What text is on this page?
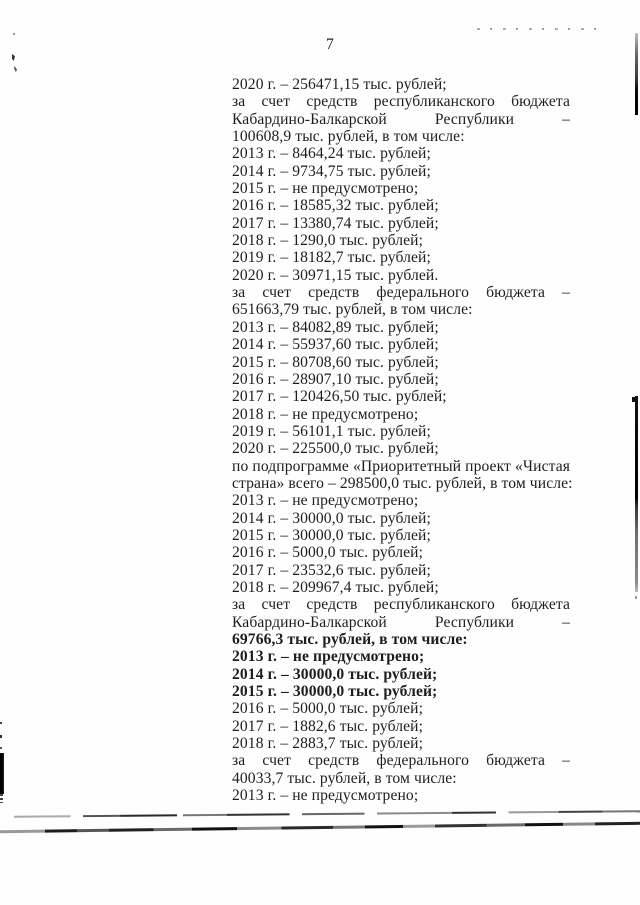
7
2020 г. – 256471,15 тыс. рублей;
за счет средств республиканского бюджета
Кабардино-Балкарской Республики –
100608,9 тыс. рублей, в том числе:
2013 г. – 8464,24 тыс. рублей;
2014 г. – 9734,75 тыс. рублей;
2015 г. – не предусмотрено;
2016 г. – 18585,32 тыс. рублей;
2017 г. – 13380,74 тыс. рублей;
2018 г. – 1290,0 тыс. рублей;
2019 г. – 18182,7 тыс. рублей;
2020 г. – 30971,15 тыс. рублей.
за счет средств федерального бюджета –
651663,79 тыс. рублей, в том числе:
2013 г. – 84082,89 тыс. рублей;
2014 г. – 55937,60 тыс. рублей;
2015 г. – 80708,60 тыс. рублей;
2016 г. – 28907,10 тыс. рублей;
2017 г. – 120426,50 тыс. рублей;
2018 г. – не предусмотрено;
2019 г. – 56101,1 тыс. рублей;
2020 г. – 225500,0 тыс. рублей;
по подпрограмме «Приоритетный проект «Чистая
страна» всего – 298500,0 тыс. рублей, в том числе:
2013 г. – не предусмотрено;
2014 г. – 30000,0 тыс. рублей;
2015 г. – 30000,0 тыс. рублей;
2016 г. – 5000,0 тыс. рублей;
2017 г. – 23532,6 тыс. рублей;
2018 г. – 209967,4 тыс. рублей;
за счет средств республиканского бюджета
Кабардино-Балкарской Республики –
69766,3 тыс. рублей, в том числе:
2013 г. – не предусмотрено;
2014 г. – 30000,0 тыс. рублей;
2015 г. – 30000,0 тыс. рублей;
2016 г. – 5000,0 тыс. рублей;
2017 г. – 1882,6 тыс. рублей;
2018 г. – 2883,7 тыс. рублей;
за счет средств федерального бюджета –
40033,7 тыс. рублей, в том числе:
2013 г. – не предусмотрено;
